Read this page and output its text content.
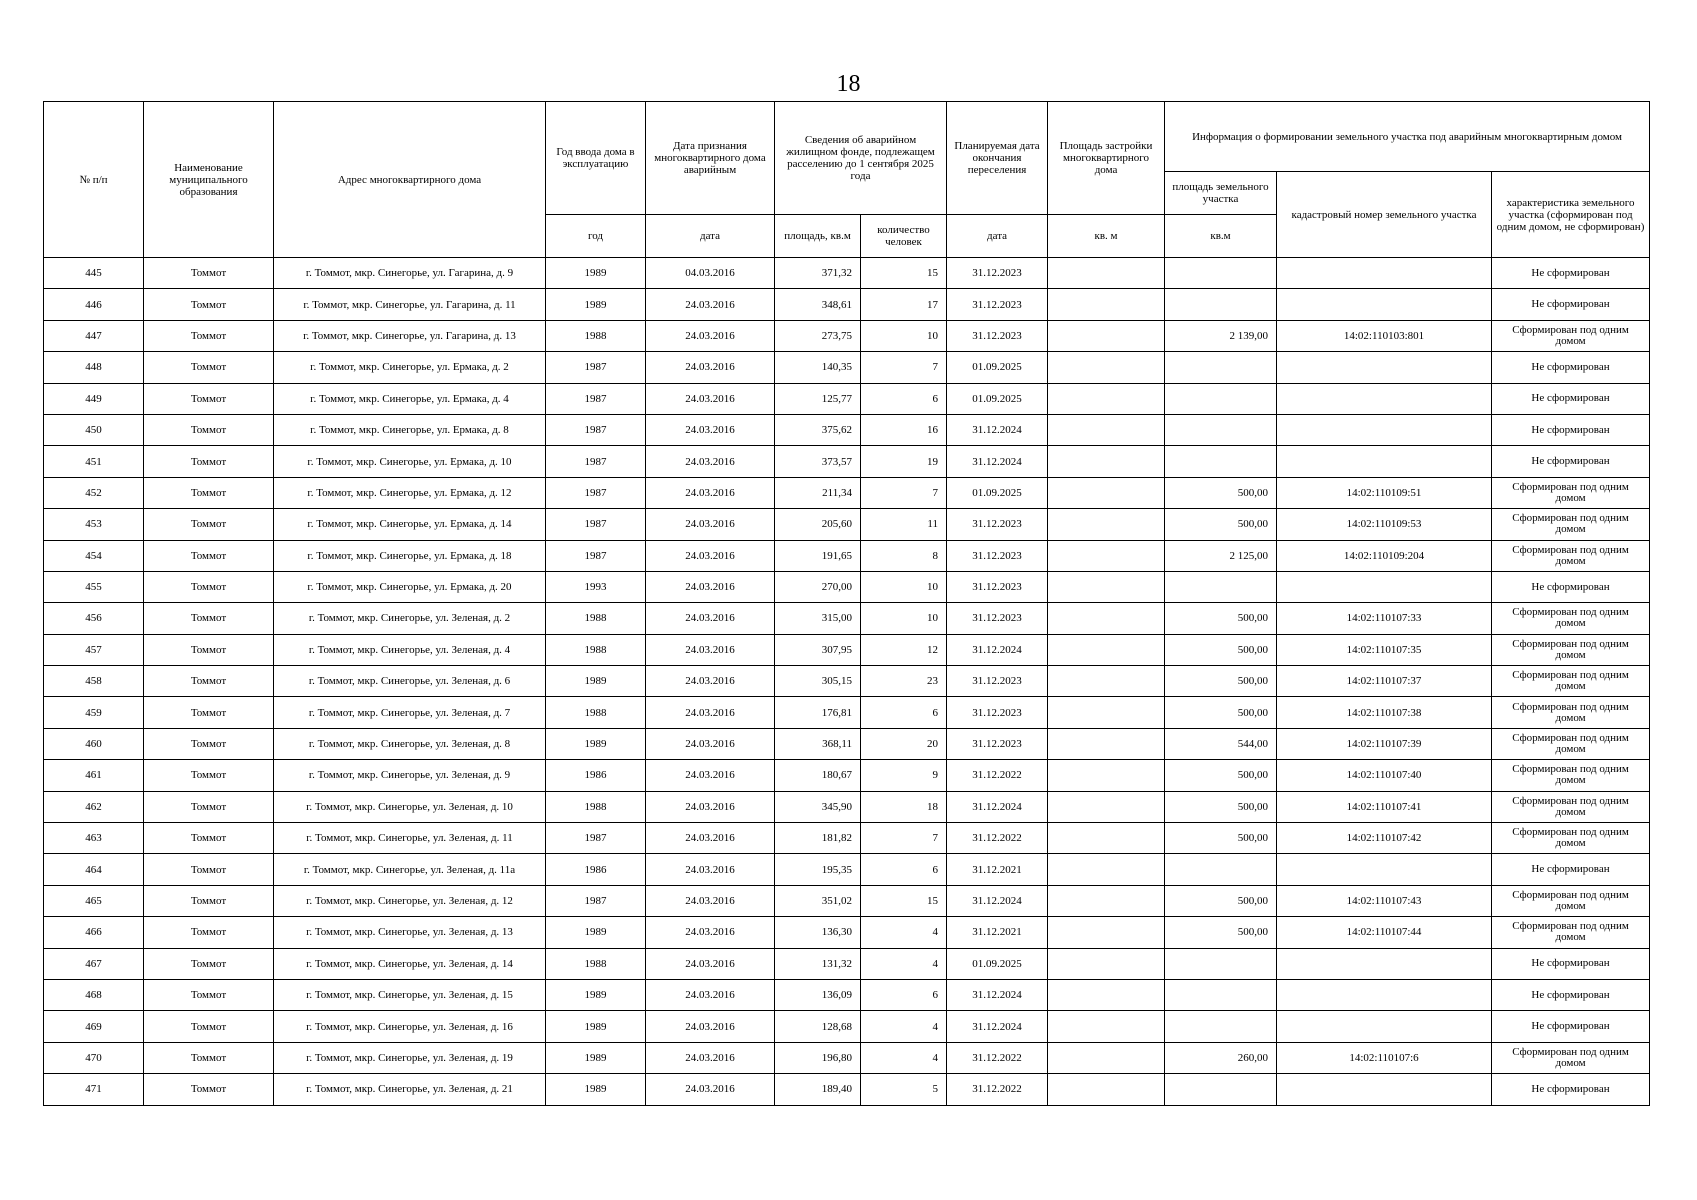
18
№ п/п	Наименование муниципального образования	Адрес многоквартирного дома	Год ввода дома в эксплуатацию	Дата признания многоквартирного дома аварийным	Сведения об аварийном жилищном фонде, подлежащем расселению до 1 сентября 2025 года		Планируемая дата окончания переселения	Площадь застройки многоквартирного дома	Информация о формировании земельного участка под аварийным многоквартирным домом		
									площадь земельного участка	кадастровый номер земельного участка	характеристика земельного участка (сформирован под одним домом, не сформирован)
			год	дата	площадь, кв.м	количество человек	дата	кв. м	кв.м		
445	Томмот	г. Томмот, мкр. Синегорье, ул. Гагарина, д. 9	1989	04.03.2016	371,32	15	31.12.2023				Не сформирован
446	Томмот	г. Томмот, мкр. Синегорье, ул. Гагарина, д. 11	1989	24.03.2016	348,61	17	31.12.2023				Не сформирован
447	Томмот	г. Томмот, мкр. Синегорье, ул. Гагарина, д. 13	1988	24.03.2016	273,75	10	31.12.2023		2 139,00	14:02:110103:801	Сформирован под одним домом
448	Томмот	г. Томмот, мкр. Синегорье, ул. Ермака, д. 2	1987	24.03.2016	140,35	7	01.09.2025				Не сформирован
449	Томмот	г. Томмот, мкр. Синегорье, ул. Ермака, д. 4	1987	24.03.2016	125,77	6	01.09.2025				Не сформирован
450	Томмот	г. Томмот, мкр. Синегорье, ул. Ермака, д. 8	1987	24.03.2016	375,62	16	31.12.2024				Не сформирован
451	Томмот	г. Томмот, мкр. Синегорье, ул. Ермака, д. 10	1987	24.03.2016	373,57	19	31.12.2024				Не сформирован
452	Томмот	г. Томмот, мкр. Синегорье, ул. Ермака, д. 12	1987	24.03.2016	211,34	7	01.09.2025		500,00	14:02:110109:51	Сформирован под одним домом
453	Томмот	г. Томмот, мкр. Синегорье, ул. Ермака, д. 14	1987	24.03.2016	205,60	11	31.12.2023		500,00	14:02:110109:53	Сформирован под одним домом
454	Томмот	г. Томмот, мкр. Синегорье, ул. Ермака, д. 18	1987	24.03.2016	191,65	8	31.12.2023		2 125,00	14:02:110109:204	Сформирован под одним домом
455	Томмот	г. Томмот, мкр. Синегорье, ул. Ермака, д. 20	1993	24.03.2016	270,00	10	31.12.2023				Не сформирован
456	Томмот	г. Томмот, мкр. Синегорье, ул. Зеленая, д. 2	1988	24.03.2016	315,00	10	31.12.2023		500,00	14:02:110107:33	Сформирован под одним домом
457	Томмот	г. Томмот, мкр. Синегорье, ул. Зеленая, д. 4	1988	24.03.2016	307,95	12	31.12.2024		500,00	14:02:110107:35	Сформирован под одним домом
458	Томмот	г. Томмот, мкр. Синегорье, ул. Зеленая, д. 6	1989	24.03.2016	305,15	23	31.12.2023		500,00	14:02:110107:37	Сформирован под одним домом
459	Томмот	г. Томмот, мкр. Синегорье, ул. Зеленая, д. 7	1988	24.03.2016	176,81	6	31.12.2023		500,00	14:02:110107:38	Сформирован под одним домом
460	Томмот	г. Томмот, мкр. Синегорье, ул. Зеленая, д. 8	1989	24.03.2016	368,11	20	31.12.2023		544,00	14:02:110107:39	Сформирован под одним домом
461	Томмот	г. Томмот, мкр. Синегорье, ул. Зеленая, д. 9	1986	24.03.2016	180,67	9	31.12.2022		500,00	14:02:110107:40	Сформирован под одним домом
462	Томмот	г. Томмот, мкр. Синегорье, ул. Зеленая, д. 10	1988	24.03.2016	345,90	18	31.12.2024		500,00	14:02:110107:41	Сформирован под одним домом
463	Томмот	г. Томмот, мкр. Синегорье, ул. Зеленая, д. 11	1987	24.03.2016	181,82	7	31.12.2022		500,00	14:02:110107:42	Сформирован под одним домом
464	Томмот	г. Томмот, мкр. Синегорье, ул. Зеленая, д. 11а	1986	24.03.2016	195,35	6	31.12.2021				Не сформирован
465	Томмот	г. Томмот, мкр. Синегорье, ул. Зеленая, д. 12	1987	24.03.2016	351,02	15	31.12.2024		500,00	14:02:110107:43	Сформирован под одним домом
466	Томмот	г. Томмот, мкр. Синегорье, ул. Зеленая, д. 13	1989	24.03.2016	136,30	4	31.12.2021		500,00	14:02:110107:44	Сформирован под одним домом
467	Томмот	г. Томмот, мкр. Синегорье, ул. Зеленая, д. 14	1988	24.03.2016	131,32	4	01.09.2025				Не сформирован
468	Томмот	г. Томмот, мкр. Синегорье, ул. Зеленая, д. 15	1989	24.03.2016	136,09	6	31.12.2024				Не сформирован
469	Томмот	г. Томмот, мкр. Синегорье, ул. Зеленая, д. 16	1989	24.03.2016	128,68	4	31.12.2024				Не сформирован
470	Томмот	г. Томмот, мкр. Синегорье, ул. Зеленая, д. 19	1989	24.03.2016	196,80	4	31.12.2022		260,00	14:02:110107:6	Сформирован под одним домом
471	Томмот	г. Томмот, мкр. Синегорье, ул. Зеленая, д. 21	1989	24.03.2016	189,40	5	31.12.2022				Не сформирован
